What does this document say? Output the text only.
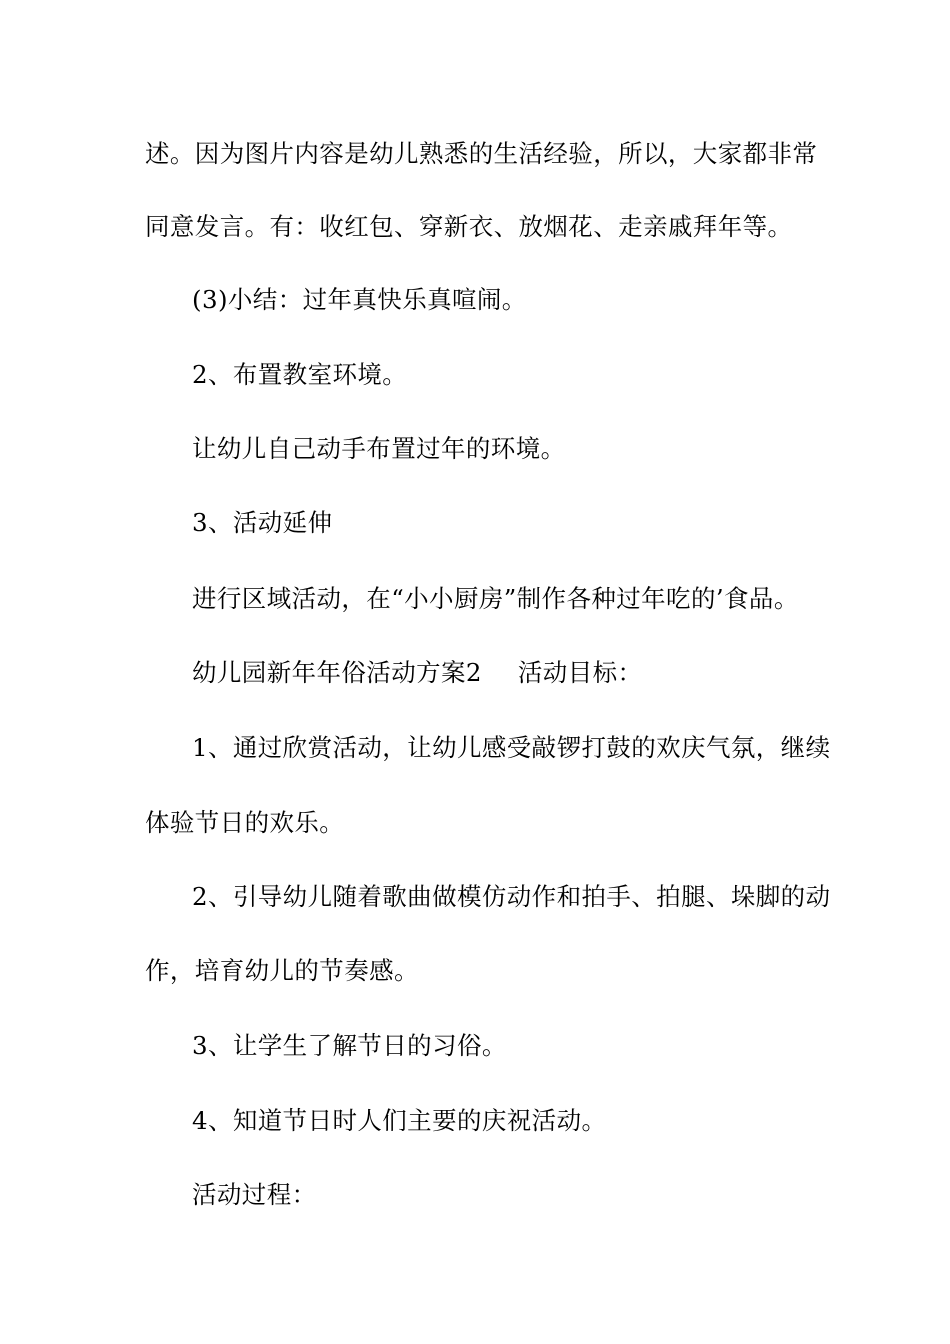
述。因为图片内容是幼儿熟悉的生活经验，所以，大家都非常
同意发言。有：收红包、穿新衣、放烟花、走亲戚拜年等。
(3)小结：过年真快乐真喧闹。
2、布置教室环境。
让幼儿自己动手布置过年的环境。
3、活动延伸
进行区域活动，在“小小厨房”制作各种过年吃的’食品。
幼儿园新年年俗活动方案2 活动目标：
1、通过欣赏活动，让幼儿感受敲锣打鼓的欢庆气氛，继续
体验节日的欢乐。
2、引导幼儿随着歌曲做模仿动作和拍手、拍腿、垛脚的动
作，培育幼儿的节奏感。
3、让学生了解节日的习俗。
4、知道节日时人们主要的庆祝活动。
活动过程：
